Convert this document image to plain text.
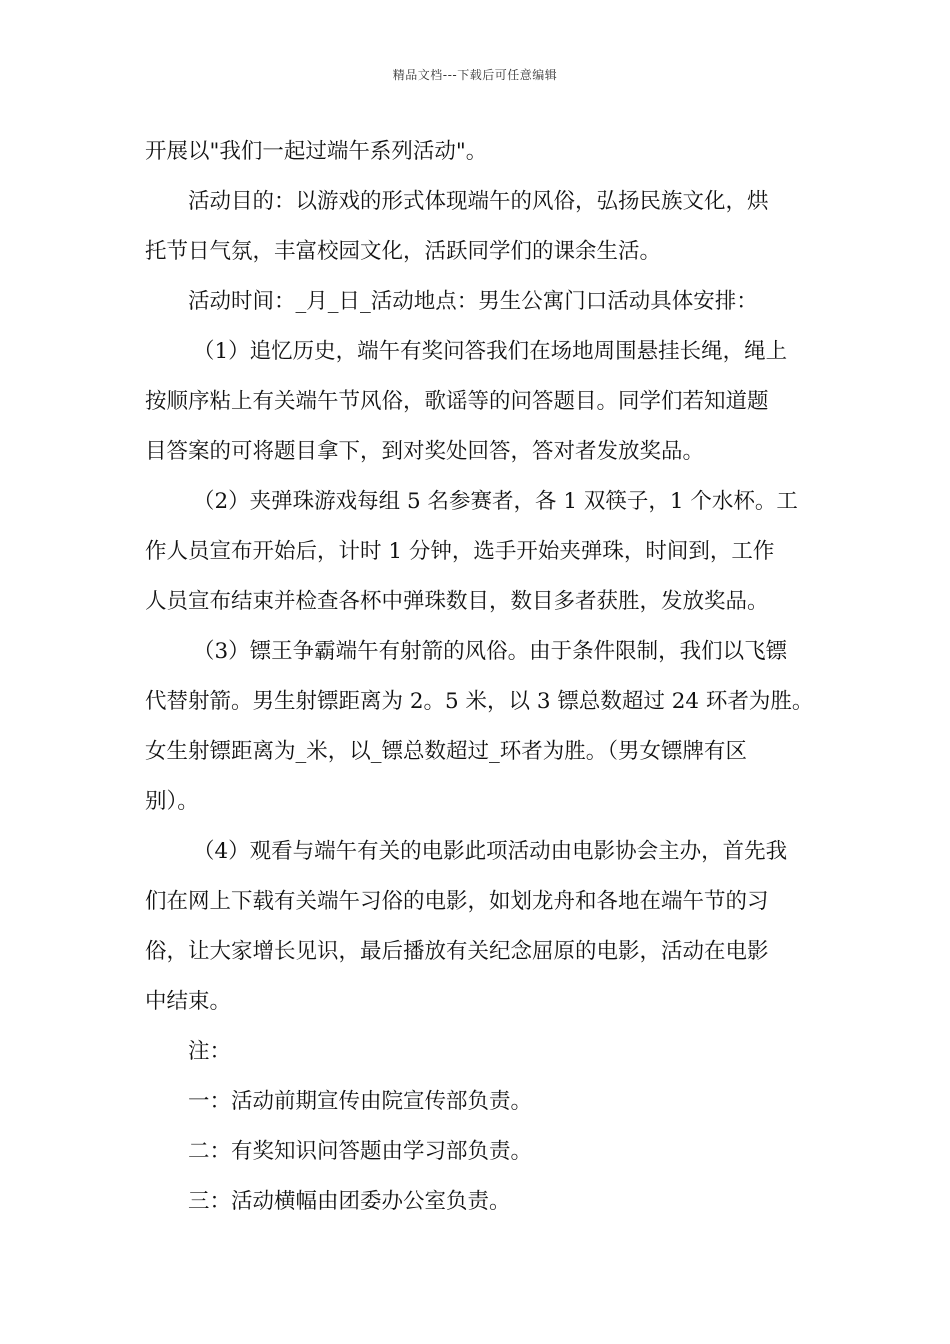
精品文档---下载后可任意编辑
开展以"我们一起过端午系列活动"。
活动目的：以游戏的形式体现端午的风俗，弘扬民族文化，烘
托节日气氛，丰富校园文化，活跃同学们的课余生活。
活动时间：_月_日_活动地点：男生公寓门口活动具体安排：
（1）追忆历史，端午有奖问答我们在场地周围悬挂长绳，绳上
按顺序粘上有关端午节风俗，歌谣等的问答题目。同学们若知道题
目答案的可将题目拿下，到对奖处回答，答对者发放奖品。
（2）夹弹珠游戏每组 5 名参赛者，各 1 双筷子，1 个水杯。工
作人员宣布开始后，计时 1 分钟，选手开始夹弹珠，时间到，工作
人员宣布结束并检查各杯中弹珠数目，数目多者获胜，发放奖品。
（3）镖王争霸端午有射箭的风俗。由于条件限制，我们以飞镖
代替射箭。男生射镖距离为 2。5 米，以 3 镖总数超过 24 环者为胜。
女生射镖距离为_米，以_镖总数超过_环者为胜。（男女镖牌有区
别）。
（4）观看与端午有关的电影此项活动由电影协会主办，首先我
们在网上下载有关端午习俗的电影，如划龙舟和各地在端午节的习
俗，让大家增长见识，最后播放有关纪念屈原的电影，活动在电影
中结束。
注：
一：活动前期宣传由院宣传部负责。
二：有奖知识问答题由学习部负责。
三：活动横幅由团委办公室负责。
